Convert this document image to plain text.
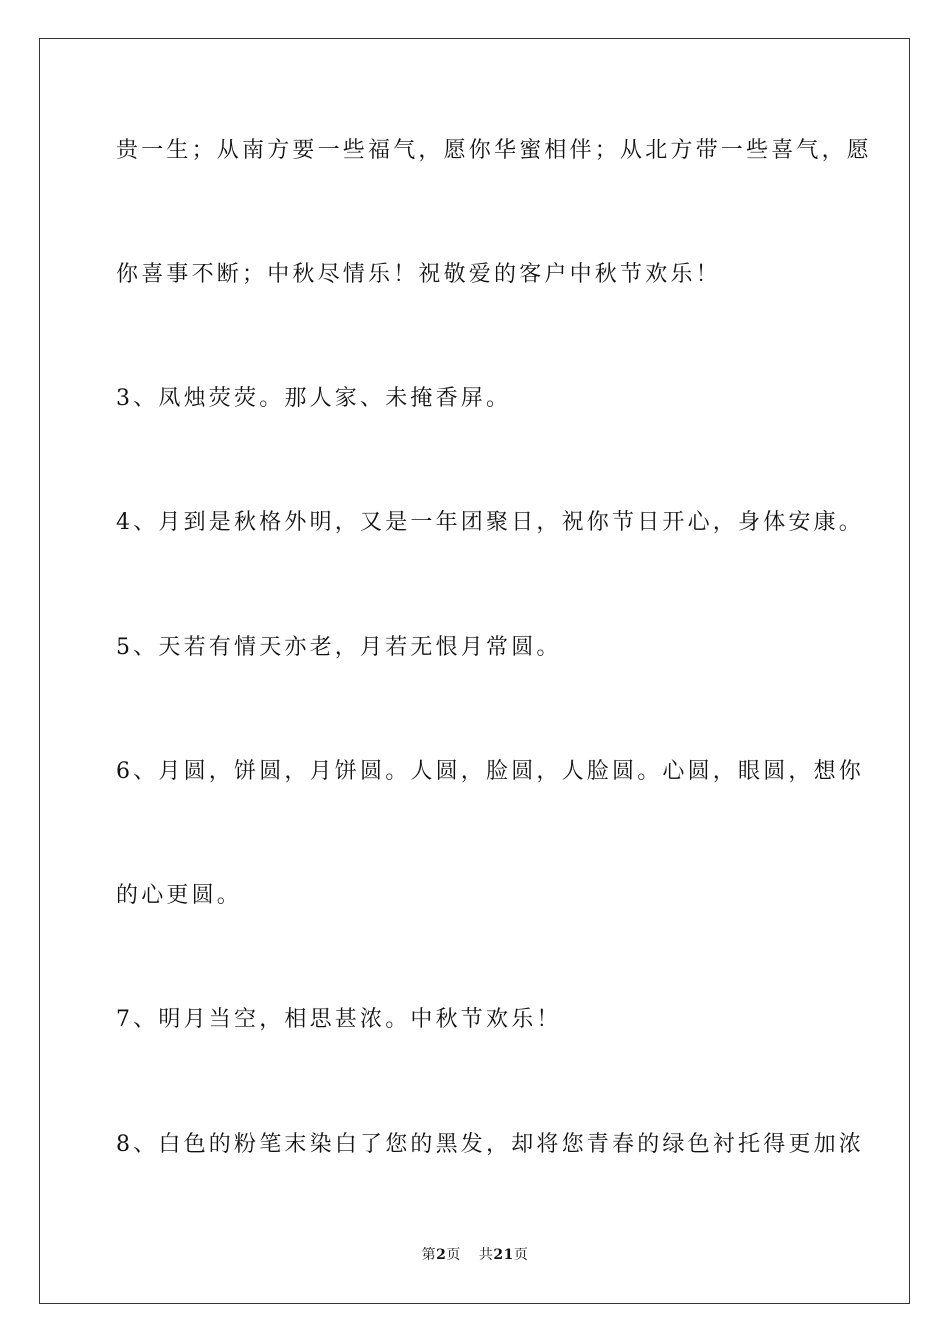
贵一生；从南方要一些福气，愿你华蜜相伴；从北方带一些喜气，愿
你喜事不断；中秋尽情乐！祝敬爱的客户中秋节欢乐！
3、凤烛荧荧。那人家、未掩香屏。
4、月到是秋格外明，又是一年团聚日，祝你节日开心，身体安康。
5、天若有情天亦老，月若无恨月常圆。
6、月圆，饼圆，月饼圆。人圆，脸圆，人脸圆。心圆，眼圆，想你
的心更圆。
7、明月当空，相思甚浓。中秋节欢乐！
8、白色的粉笔末染白了您的黑发，却将您青春的绿色衬托得更加浓
第2页 共21页
